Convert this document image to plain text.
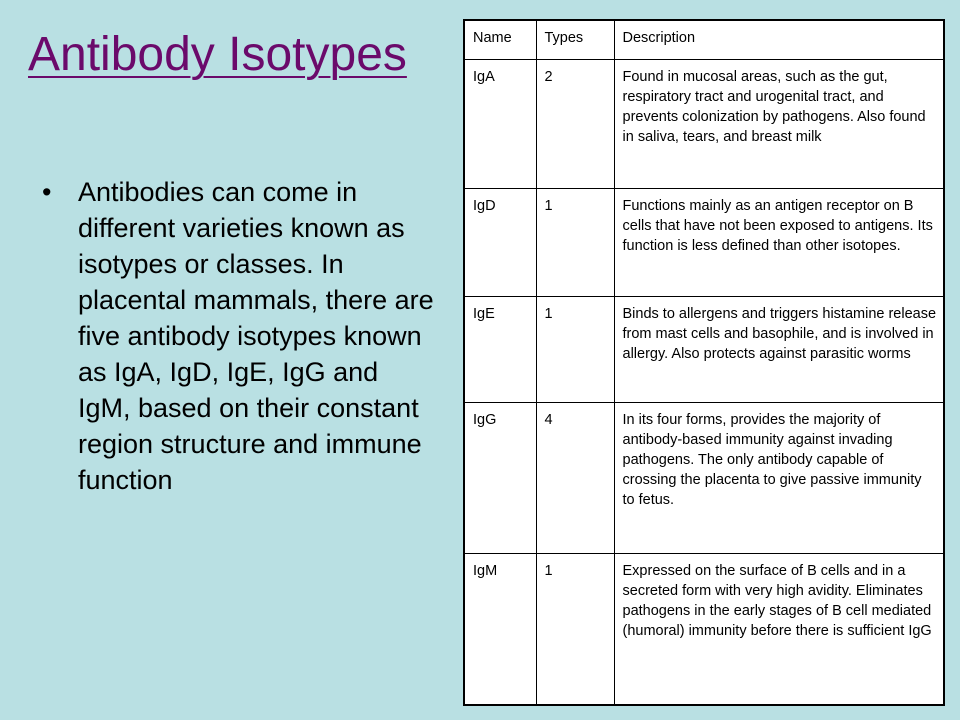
Antibody Isotypes
• Antibodies can come in different varieties known as isotypes or classes. In placental mammals, there are five antibody isotypes known as IgA, IgD, IgE, IgG and IgM, based on their constant region structure and immune function
Name	Types	Description
IgA	2	Found in mucosal areas, such as the gut, respiratory tract and urogenital tract, and prevents colonization by pathogens. Also found in saliva, tears, and breast milk
IgD	1	Functions mainly as an antigen receptor on B cells that have not been exposed to antigens. Its function is less defined than other isotopes.
IgE	1	Binds to allergens and triggers histamine release from mast cells and basophile, and is involved in allergy. Also protects against parasitic worms
IgG	4	In its four forms, provides the majority of antibody-based immunity against invading pathogens. The only antibody capable of crossing the placenta to give passive immunity to fetus.
IgM	1	Expressed on the surface of B cells and in a secreted form with very high avidity. Eliminates pathogens in the early stages of B cell mediated (humoral) immunity before there is sufficient IgG
